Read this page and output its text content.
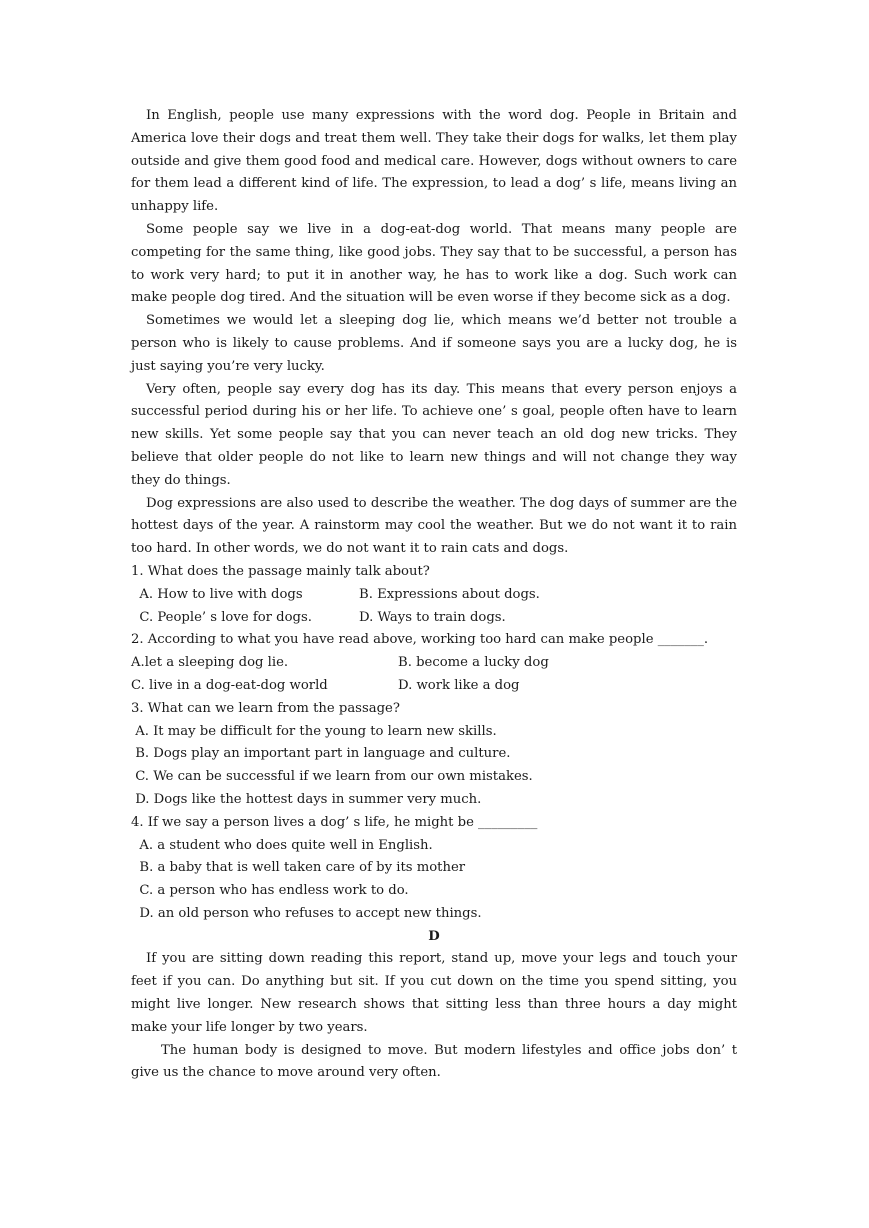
In English, people use many expressions with the word dog. People in Britain and America love their dogs and treat them well. They take their dogs for walks, let them play outside and give them good food and medical care. However, dogs without owners to care for them lead a different kind of life. The expression, to lead a dog’ s life, means living an unhappy life.

Some people say we live in a dog-eat-dog world. That means many people are competing for the same thing, like good jobs. They say that to be successful, a person has to work very hard; to put it in another way, he has to work like a dog. Such work can make people dog tired. And the situation will be even worse if they become sick as a dog.

Sometimes we would let a sleeping dog lie, which means we’d better not trouble a person who is likely to cause problems. And if someone says you are a lucky dog, he is just saying you’re very lucky.

Very often, people say every dog has its day. This means that every person enjoys a successful period during his or her life. To achieve one’ s goal, people often have to learn new skills. Yet some people say that you can never teach an old dog new tricks. They believe that older people do not like to learn new things and will not change they way they do things.

Dog expressions are also used to describe the weather. The dog days of summer are the hottest days of the year. A rainstorm may cool the weather. But we do not want it to rain too hard. In other words, we do not want it to rain cats and dogs.

1. What does the passage mainly talk about?

A. How to live with dogs	B. Expressions about dogs.
C. People’ s love for dogs.	D. Ways to train dogs.

2. According to what you have read above, working too hard can make people _______.

A.let a sleeping dog lie.	B. become a lucky dog
C. live in a dog-eat-dog world	D. work like a dog

3. What can we learn from the passage?

A. It may be difficult for the young to learn new skills.

B. Dogs play an important part in language and culture.

C. We can be successful if we learn from our own mistakes.

D. Dogs like the hottest days in summer very much.

4. If we say a person lives a dog’ s life, he might be _________

A. a student who does quite well in English.

B. a baby that is well taken care of by its mother

C. a person who has endless work to do.

D. an old person who refuses to accept new things.

D

If you are sitting down reading this report, stand up, move your legs and touch your feet if you can. Do anything but sit. If you cut down on the time you spend sitting, you might live longer. New research shows that sitting less than three hours a day might make your life longer by two years.

The human body is designed to move. But modern lifestyles and office jobs don’ t give us the chance to move around very often.
